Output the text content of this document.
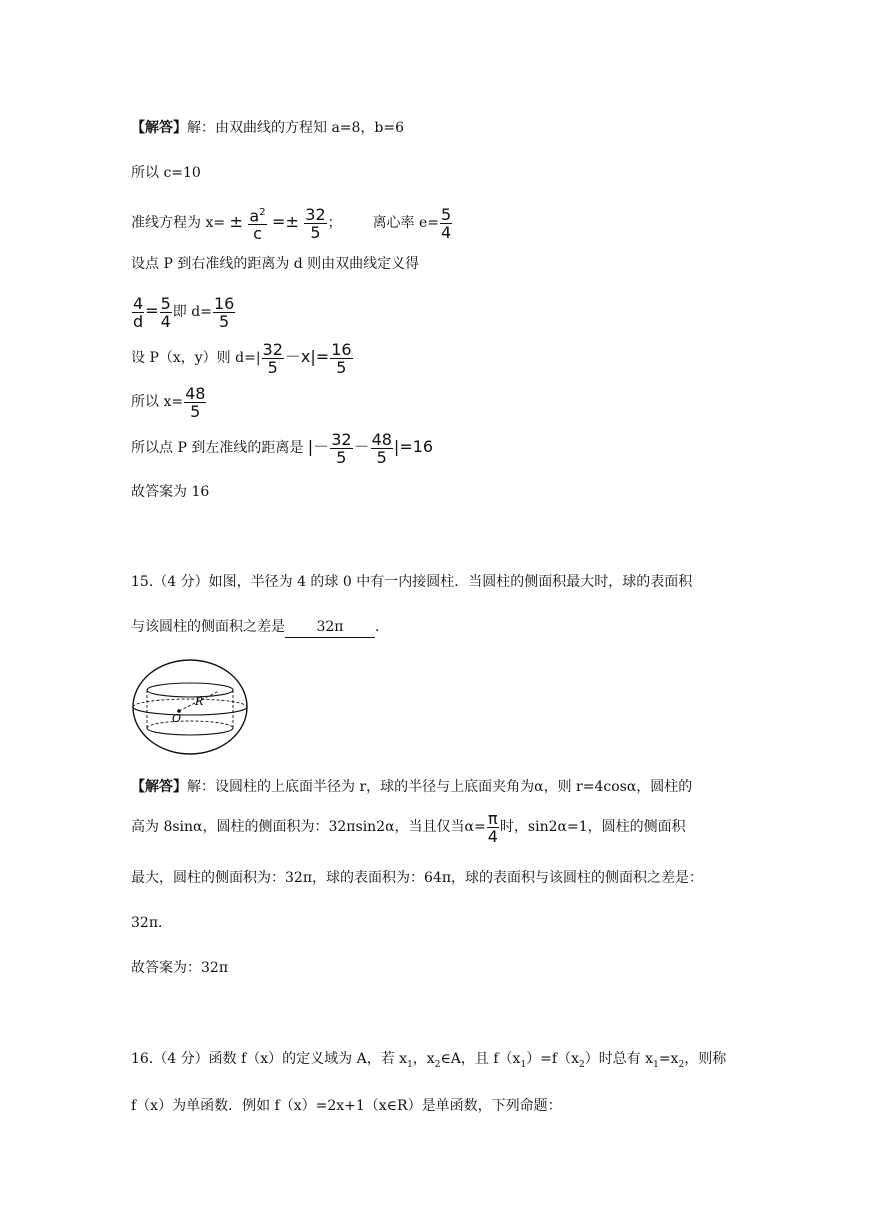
【解答】解：由双曲线的方程知 a=8，b=6
所以 c=10
准线方程为 $x= \pm \frac{a^2}{c} =\pm \frac{32}{5}$ ； 离心率 $e= \frac{5}{4}$
设点 P 到右准线的距离为 d 则由双曲线定义得
$\frac{4}{d} = \frac{5}{4}$ 即 $d= \frac{16}{5}$
设 P（x，y）则 $d=| \frac{32}{5} -x|= \frac{16}{5}$
所以 $x= \frac{48}{5}$
所以点 P 到左准线的距离是 |－ $\frac{32}{5} - \frac{48}{5} |=16$
故答案为 16
15.（4 分）如图，半径为 4 的球 0 中有一内接圆柱．当圆柱的侧面积最大时，球的表面积
与该圆柱的侧面积之差是 32π ．
R
O
【解答】解：设圆柱的上底面半径为 r，球的半径与上底面夹角为α，则 r=4cosα，圆柱的
高为 8sinα，圆柱的侧面积为：32πsin2α，当且仅当$\alpha= \frac{\pi}{4}$ 时，sin2α=1，圆柱的侧面积
最大，圆柱的侧面积为：32π，球的表面积为：64π，球的表面积与该圆柱的侧面积之差是：
32π．
故答案为：32π
16.（4 分）函数 f（x）的定义域为 A，若 $x_1$，$x_2\in A$，且 $f(x_1)=f(x_2)$时总有 $x_1=x_2$，则称
f（x）为单函数．例如 f（x）=2x+1（x∈R）是单函数，下列命题：
